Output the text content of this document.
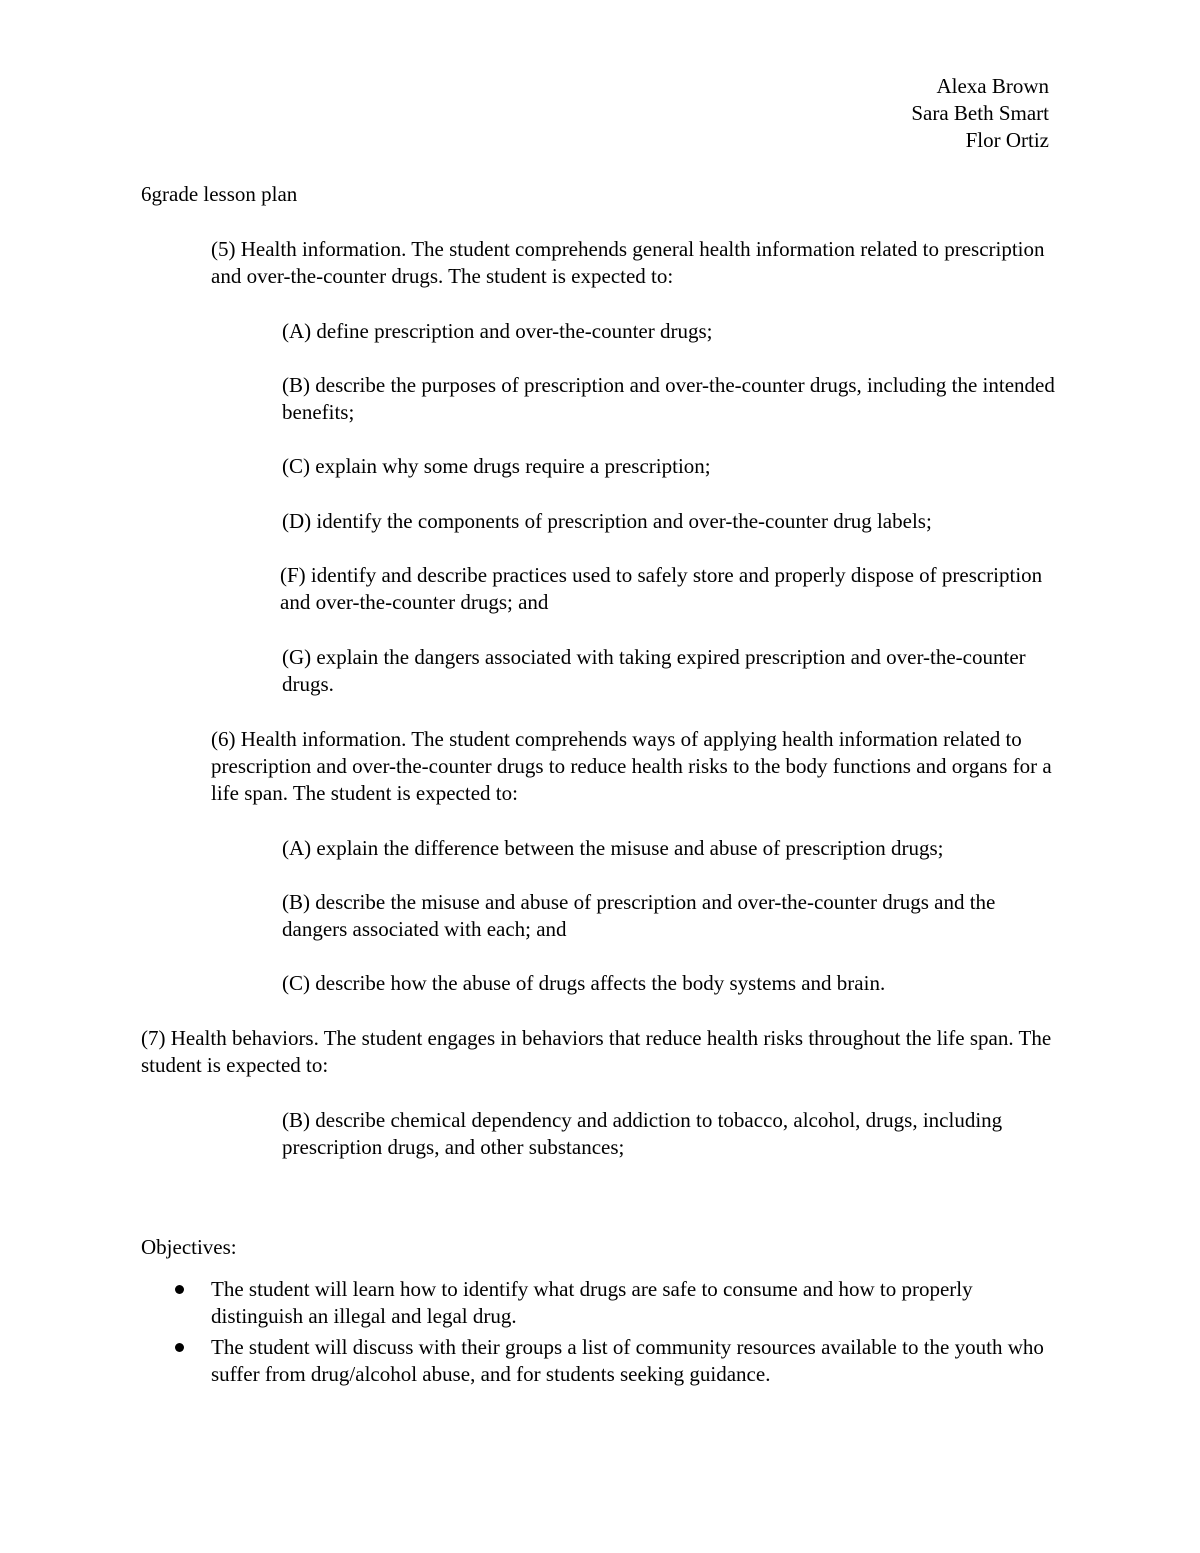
Alexa Brown
Sara Beth Smart
Flor Ortiz

6grade lesson plan

(5) Health information. The student comprehends general health information related to prescription and over-the-counter drugs. The student is expected to:

(A) define prescription and over-the-counter drugs;

(B) describe the purposes of prescription and over-the-counter drugs, including the intended benefits;

(C) explain why some drugs require a prescription;

(D) identify the components of prescription and over-the-counter drug labels;

(F) identify and describe practices used to safely store and properly dispose of prescription and over-the-counter drugs; and

(G) explain the dangers associated with taking expired prescription and over-the-counter drugs.

(6) Health information. The student comprehends ways of applying health information related to prescription and over-the-counter drugs to reduce health risks to the body functions and organs for a life span. The student is expected to:

(A) explain the difference between the misuse and abuse of prescription drugs;

(B) describe the misuse and abuse of prescription and over-the-counter drugs and the dangers associated with each; and

(C) describe how the abuse of drugs affects the body systems and brain.

(7) Health behaviors. The student engages in behaviors that reduce health risks throughout the life span. The student is expected to:

(B) describe chemical dependency and addiction to tobacco, alcohol, drugs, including prescription drugs, and other substances;

Objectives:

The student will learn how to identify what drugs are safe to consume and how to properly distinguish an illegal and legal drug.
The student will discuss with their groups a list of community resources available to the youth who suffer from drug/alcohol abuse, and for students seeking guidance.
